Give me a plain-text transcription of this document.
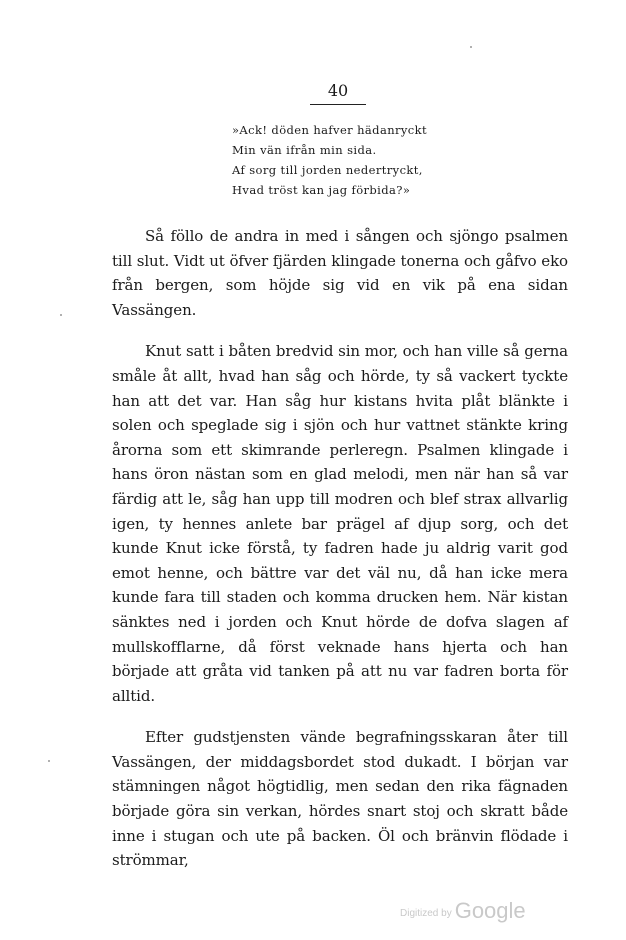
40
»Ack! döden hafver hädanryckt
Min vän ifrån min sida.
Af sorg till jorden nedertryckt,
Hvad tröst kan jag förbida?»

Så föllo de andra in med i sången och sjöngo psalmen till slut. Vidt ut öfver fjärden klingade tonerna och gåfvo eko från bergen, som höjde sig vid en vik på ena sidan Vassängen.

Knut satt i båten bredvid sin mor, och han ville så gerna småle åt allt, hvad han såg och hörde, ty så vackert tyckte han att det var. Han såg hur kistans hvita plåt blänkte i solen och speglade sig i sjön och hur vattnet stänkte kring årorna som ett skimrande perleregn. Psalmen klingade i hans öron nästan som en glad melodi, men när han så var färdig att le, såg han upp till modren och blef strax allvarlig igen, ty hennes anlete bar prägel af djup sorg, och det kunde Knut icke förstå, ty fadren hade ju aldrig varit god emot henne, och bättre var det väl nu, då han icke mera kunde fara till staden och komma drucken hem. När kistan sänktes ned i jorden och Knut hörde de dofva slagen af mullskofflarne, då först veknade hans hjerta och han började att gråta vid tanken på att nu var fadren borta för alltid.

Efter gudstjensten vände begrafningsskaran åter till Vassängen, der middagsbordet stod dukadt. I början var stämningen något högtidlig, men sedan den rika fägnaden började göra sin verkan, hördes snart stoj och skratt både inne i stugan och ute på backen. Öl och bränvin flödade i strömmar,

Digitized by Google
